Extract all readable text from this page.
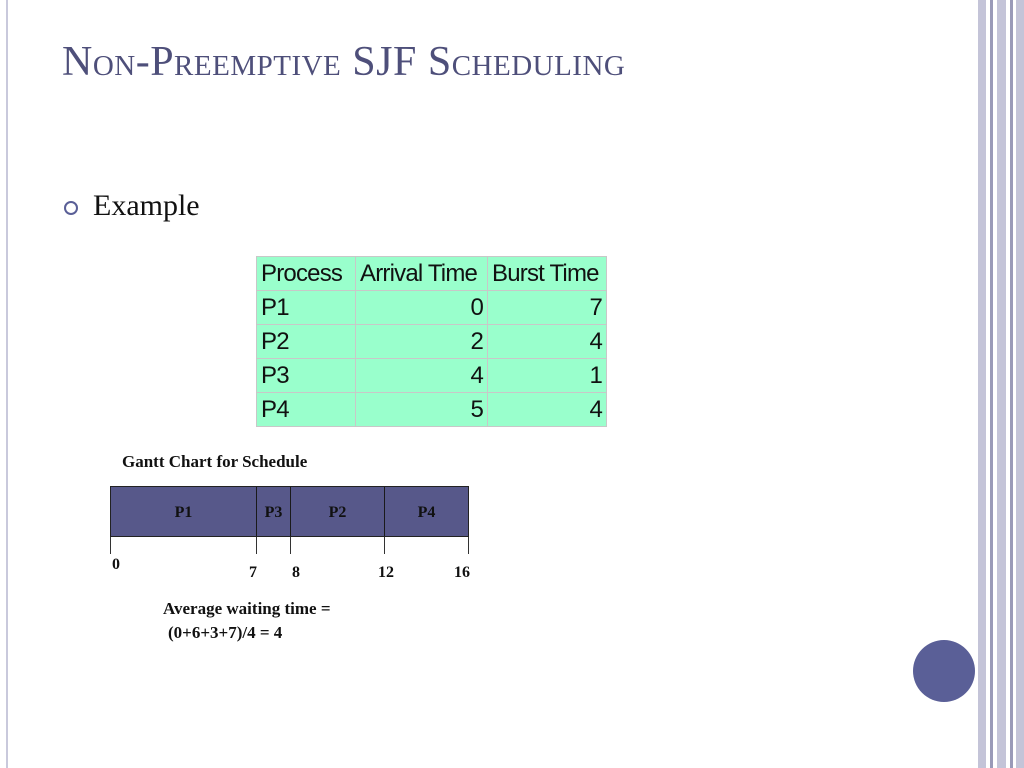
Non-Preemptive SJF Scheduling
Example
Process	Arrival Time	Burst Time
P1	0	7
P2	2	4
P3	4	1
P4	5	4
Gantt Chart for Schedule
P1	P3	P2	P4
0	7 8	12	16
Average waiting time =
(0+6+3+7)/4 = 4
